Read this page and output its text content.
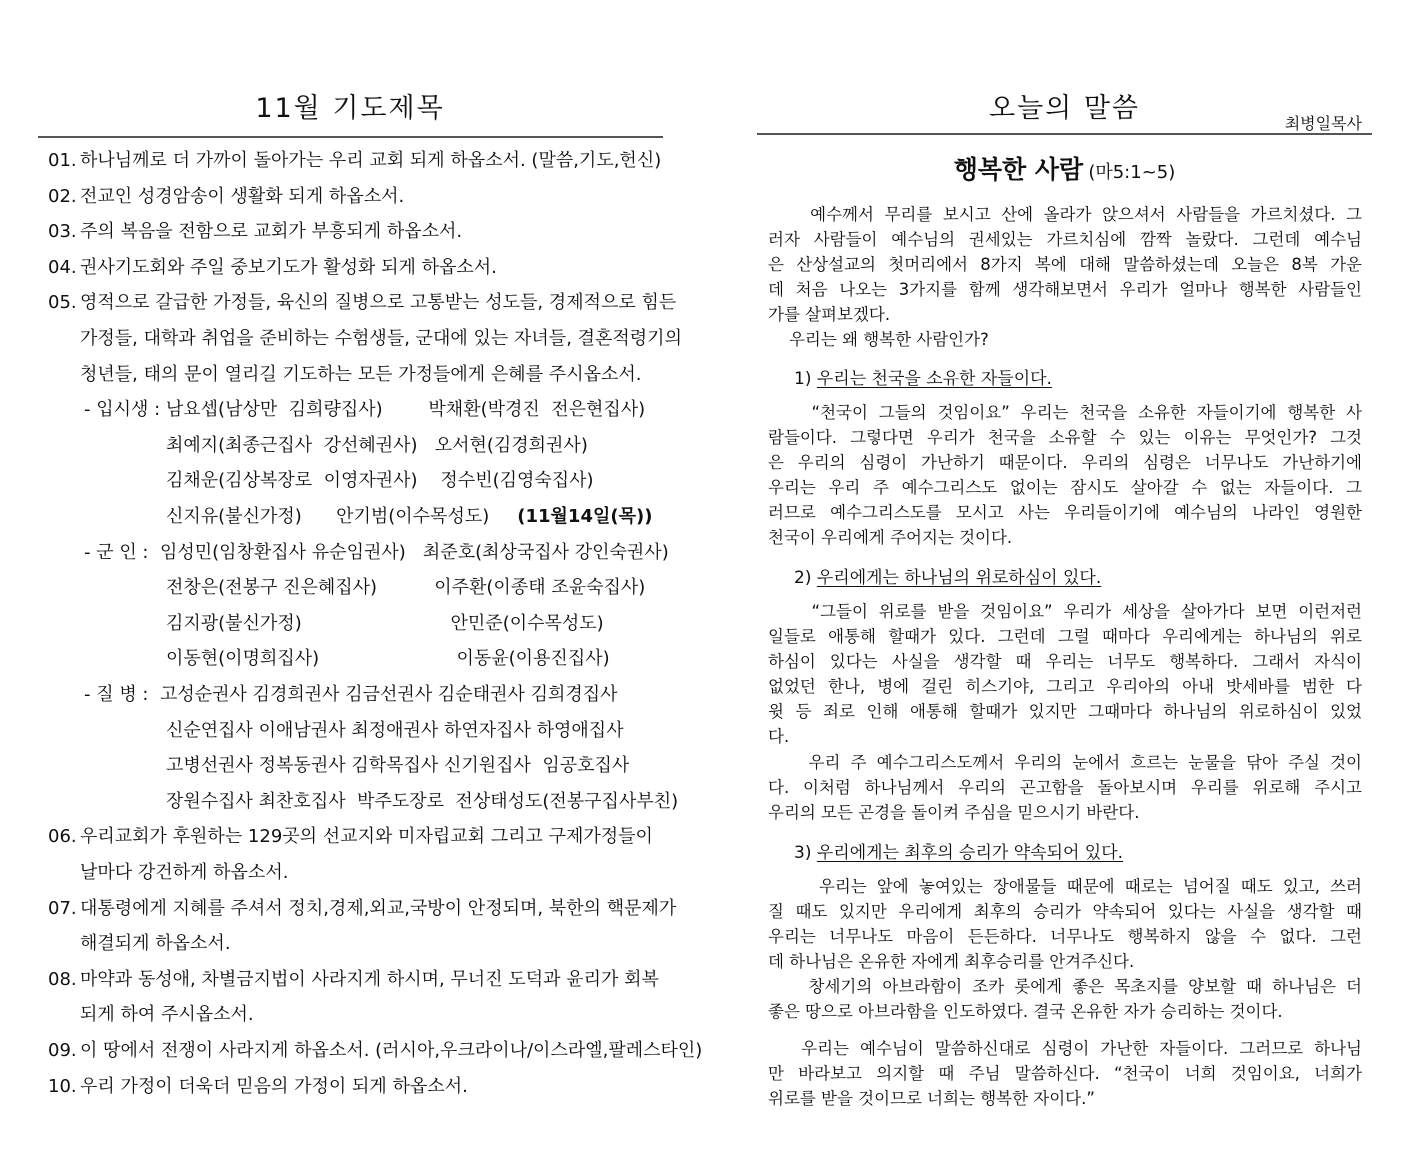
11월 기도제목
01. 하나님께로 더 가까이 돌아가는 우리 교회 되게 하옵소서. (말씀,기도,헌신)
02. 전교인 성경암송이 생활화 되게 하옵소서.
03. 주의 복음을 전함으로 교회가 부흥되게 하옵소서.
04. 권사기도회와 주일 중보기도가 활성화 되게 하옵소서.
05. 영적으로 갈급한 가정들, 육신의 질병으로 고통받는 성도들, 경제적으로 힘든
가정들, 대학과 취업을 준비하는 수험생들, 군대에 있는 자녀들, 결혼적령기의
청년들, 태의 문이 열리길 기도하는 모든 가정들에게 은혜를 주시옵소서.
- 입시생 : 남요셉(남상만  김희량집사)        박채환(박경진  전은현집사)
최예지(최종근집사  강선혜권사)   오서현(김경희권사)
김채운(김상복장로  이영자권사)    정수빈(김영숙집사)
신지유(불신가정)      안기범(이수목성도) (11월14일(목))
- 군 인 :  임성민(임창환집사 유순임권사)   최준호(최상국집사 강인숙권사)
전창은(전봉구 진은혜집사)          이주환(이종태 조윤숙집사)
김지광(불신가정)                          안민준(이수목성도)
이동현(이명희집사)                        이동윤(이용진집사)
- 질 병 :  고성순권사 김경희권사 김금선권사 김순태권사 김희경집사
신순연집사 이애남권사 최정애권사 하연자집사 하영애집사
고병선권사 정복동권사 김학목집사 신기원집사  임공호집사
장원수집사 최찬호집사  박주도장로  전상태성도(전봉구집사부친)
06. 우리교회가 후원하는 129곳의 선교지와 미자립교회 그리고 구제가정들이
날마다 강건하게 하옵소서.
07. 대통령에게 지혜를 주셔서 정치,경제,외교,국방이 안정되며, 북한의 핵문제가
해결되게 하옵소서.
08. 마약과 동성애, 차별금지법이 사라지게 하시며, 무너진 도덕과 윤리가 회복
되게 하여 주시옵소서.
09. 이 땅에서 전쟁이 사라지게 하옵소서. (러시아,우크라이나/이스라엘,팔레스타인)
10. 우리 가정이 더욱더 믿음의 가정이 되게 하옵소서.
오늘의 말씀	최병일목사
행복한 사람 (마5:1~5)
예수께서 무리를 보시고 산에 올라가 앉으셔서 사람들을 가르치셨다. 그
러자 사람들이 예수님의 권세있는 가르치심에 깜짝 놀랐다. 그런데 예수님
은 산상설교의 첫머리에서 8가지 복에 대해 말씀하셨는데 오늘은 8복 가운
데 처음 나오는 3가지를 함께 생각해보면서 우리가 얼마나 행복한 사람들인
가를 살펴보겠다.
우리는 왜 행복한 사람인가?
1) 우리는 천국을 소유한 자들이다.
“천국이 그들의 것임이요” 우리는 천국을 소유한 자들이기에 행복한 사
람들이다. 그렇다면 우리가 천국을 소유할 수 있는 이유는 무엇인가? 그것
은 우리의 심령이 가난하기 때문이다. 우리의 심령은 너무나도 가난하기에
우리는 우리 주 예수그리스도 없이는 잠시도 살아갈 수 없는 자들이다. 그
러므로 예수그리스도를 모시고 사는 우리들이기에 예수님의 나라인 영원한
천국이 우리에게 주어지는 것이다.
2) 우리에게는 하나님의 위로하심이 있다.
“그들이 위로를 받을 것임이요” 우리가 세상을 살아가다 보면 이런저런
일들로 애통해 할때가 있다. 그런데 그럴 때마다 우리에게는 하나님의 위로
하심이 있다는 사실을 생각할 때 우리는 너무도 행복하다. 그래서 자식이
없었던 한나, 병에 걸린 히스기야, 그리고 우리아의 아내 밧세바를 범한 다
윗 등 죄로 인해 애통해 할때가 있지만 그때마다 하나님의 위로하심이 있었
다.
우리 주 예수그리스도께서 우리의 눈에서 흐르는 눈물을 닦아 주실 것이
다. 이처럼 하나님께서 우리의 곤고함을 돌아보시며 우리를 위로해 주시고
우리의 모든 곤경을 돌이켜 주심을 믿으시기 바란다.
3) 우리에게는 최후의 승리가 약속되어 있다.
우리는 앞에 놓여있는 장애물들 때문에 때로는 넘어질 때도 있고, 쓰러
질 때도 있지만 우리에게 최후의 승리가 약속되어 있다는 사실을 생각할 때
우리는 너무나도 마음이 든든하다. 너무나도 행복하지 않을 수 없다. 그런
데 하나님은 온유한 자에게 최후승리를 안겨주신다.
창세기의 아브라함이 조카 롯에게 좋은 목초지를 양보할 때 하나님은 더
좋은 땅으로 아브라함을 인도하였다. 결국 온유한 자가 승리하는 것이다.
우리는 예수님이 말씀하신대로 심령이 가난한 자들이다. 그러므로 하나님
만 바라보고 의지할 때 주님 말씀하신다. “천국이 너희 것임이요, 너희가
위로를 받을 것이므로 너희는 행복한 자이다.”
